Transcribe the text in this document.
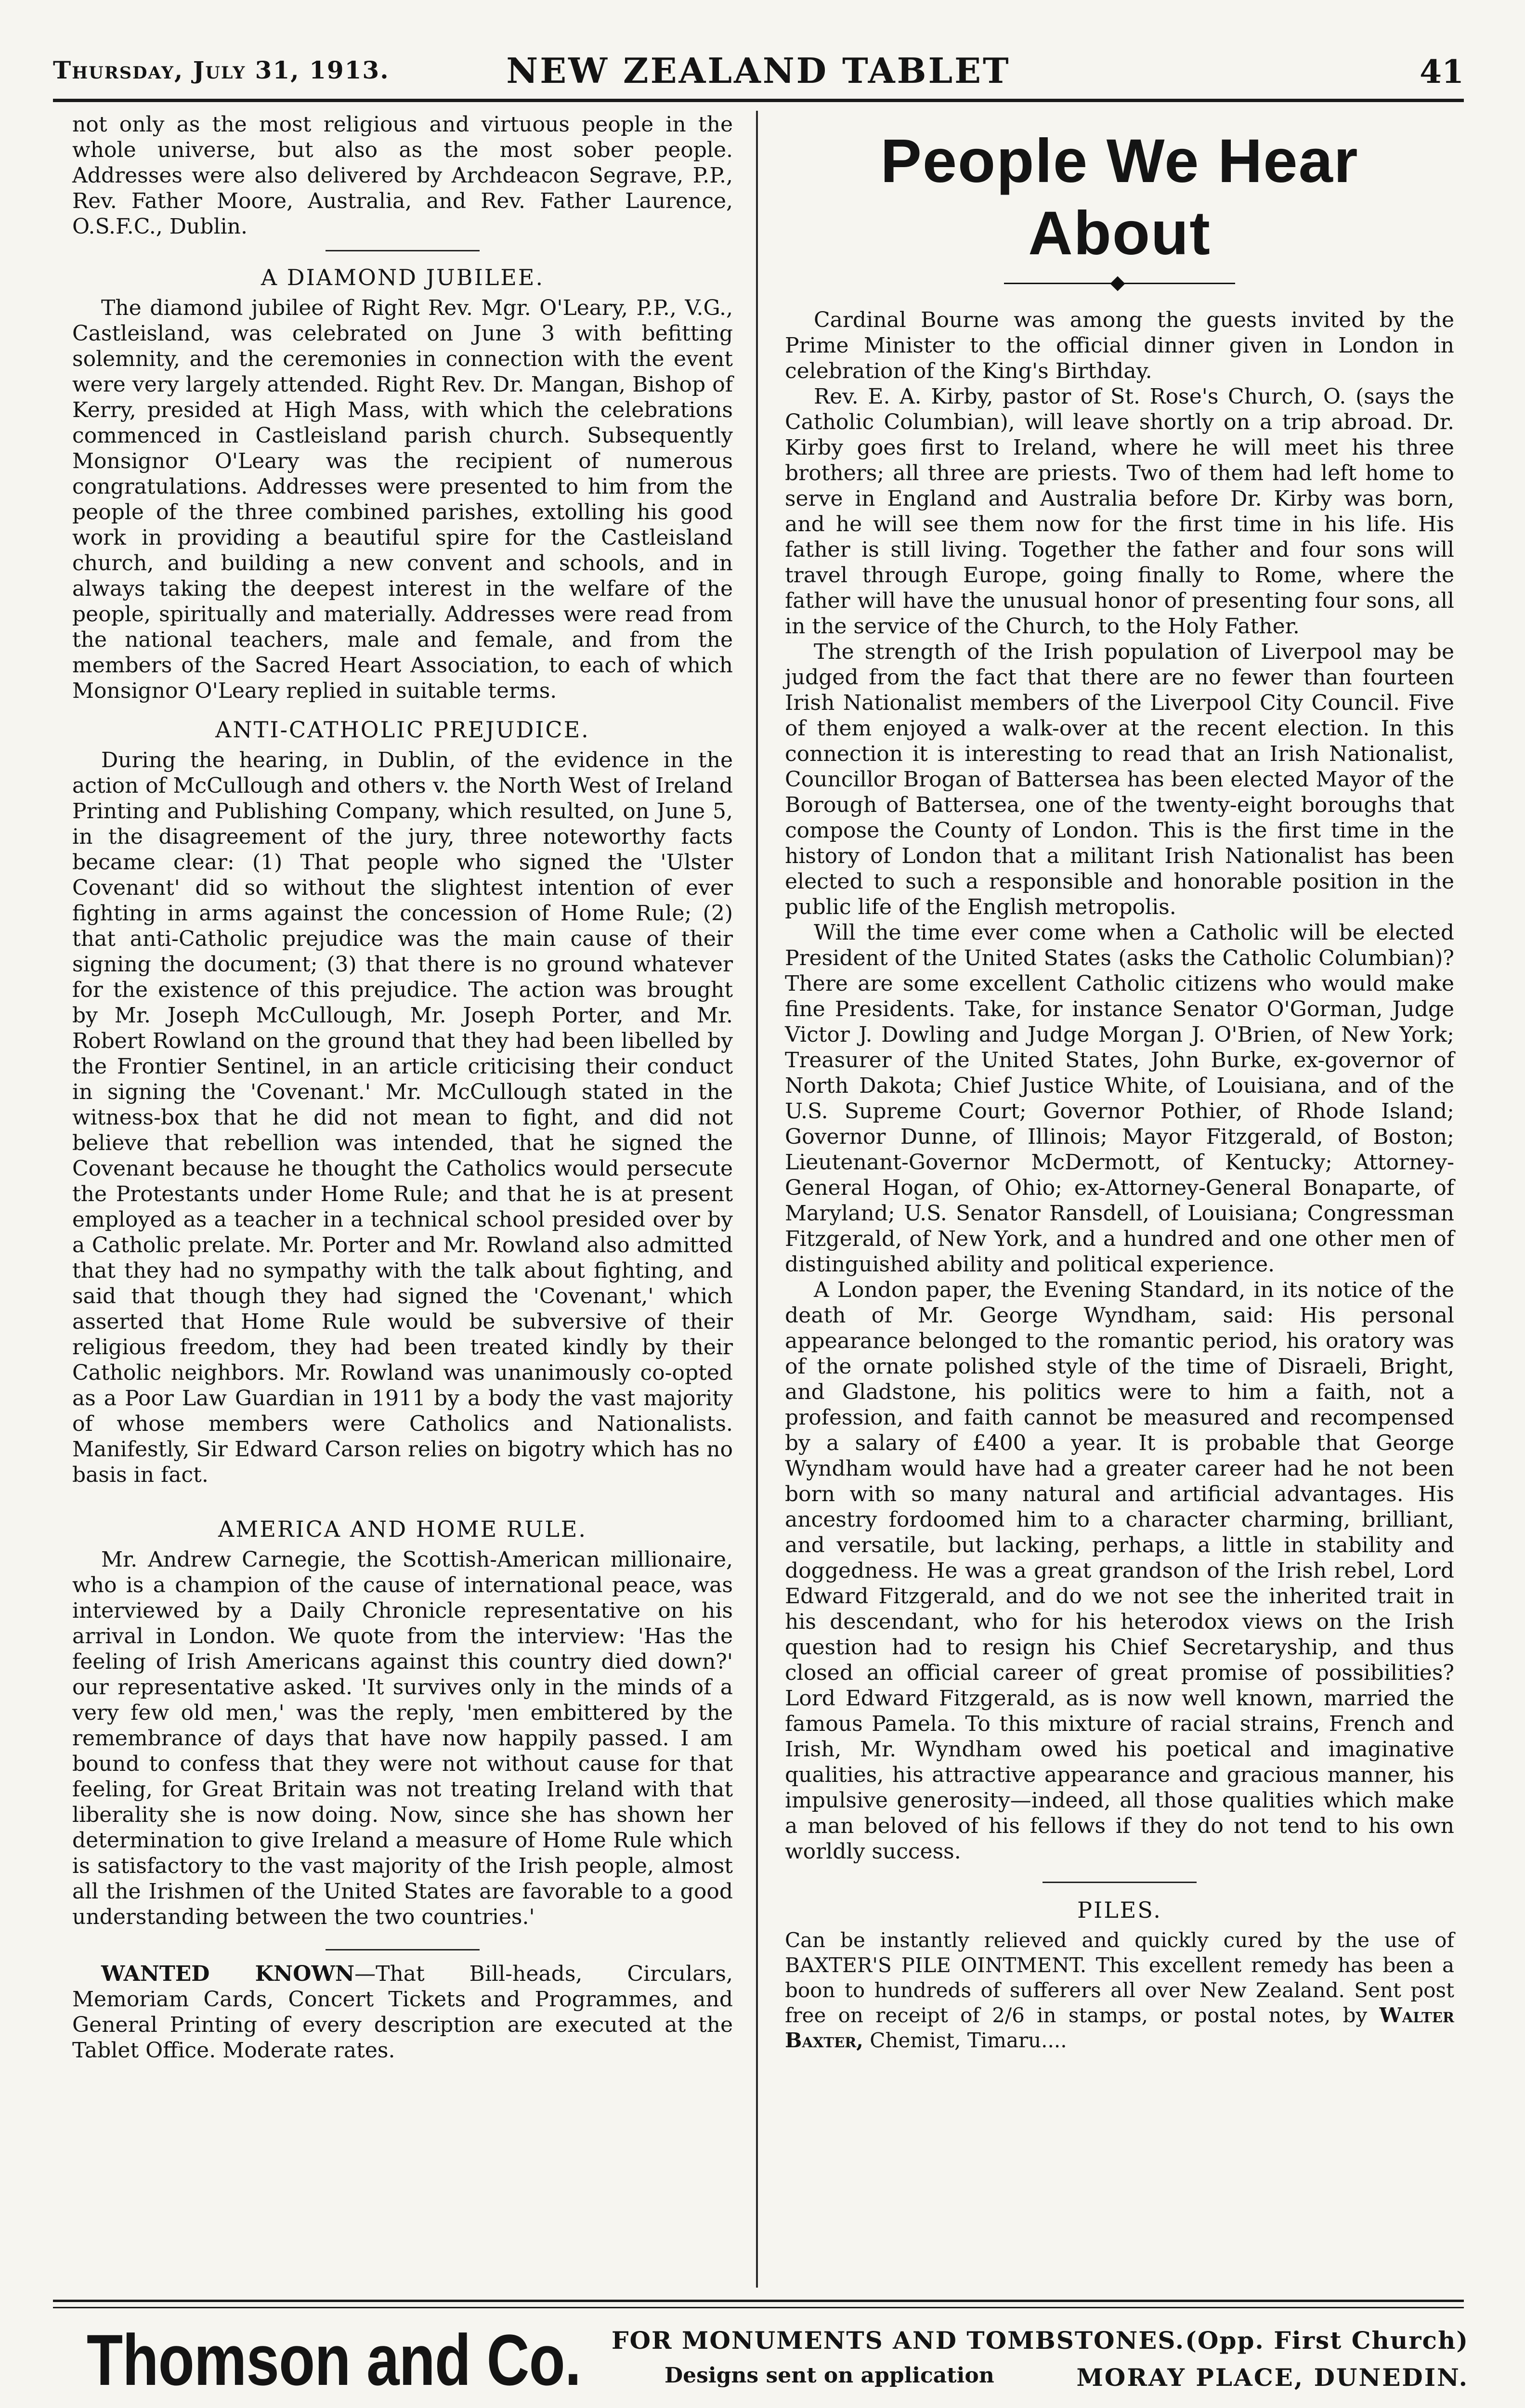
Thursday, July 31, 1913.	NEW ZEALAND TABLET	41

not only as the most religious and virtuous people in the whole universe, but also as the most sober people. Addresses were also delivered by Archdeacon Segrave, P.P., Rev. Father Moore, Australia, and Rev. Father Laurence, O.S.F.C., Dublin.

A DIAMOND JUBILEE.

The diamond jubilee of Right Rev. Mgr. O'Leary, P.P., V.G., Castleisland, was celebrated on June 3 with befitting solemnity, and the ceremonies in connection with the event were very largely attended. Right Rev. Dr. Mangan, Bishop of Kerry, presided at High Mass, with which the celebrations commenced in Castleisland parish church. Subsequently Monsignor O'Leary was the recipient of numerous congratulations. Addresses were presented to him from the people of the three combined parishes, extolling his good work in providing a beautiful spire for the Castleisland church, and building a new convent and schools, and in always taking the deepest interest in the welfare of the people, spiritually and materially. Addresses were read from the national teachers, male and female, and from the members of the Sacred Heart Association, to each of which Monsignor O'Leary replied in suitable terms.

ANTI-CATHOLIC PREJUDICE.

During the hearing, in Dublin, of the evidence in the action of McCullough and others v. the North West of Ireland Printing and Publishing Company, which resulted, on June 5, in the disagreement of the jury, three noteworthy facts became clear: (1) That people who signed the 'Ulster Covenant' did so without the slightest intention of ever fighting in arms against the concession of Home Rule; (2) that anti-Catholic prejudice was the main cause of their signing the document; (3) that there is no ground whatever for the existence of this prejudice. The action was brought by Mr. Joseph McCullough, Mr. Joseph Porter, and Mr. Robert Rowland on the ground that they had been libelled by the Frontier Sentinel, in an article criticising their conduct in signing the 'Covenant.' Mr. McCullough stated in the witness-box that he did not mean to fight, and did not believe that rebellion was intended, that he signed the Covenant because he thought the Catholics would persecute the Protestants under Home Rule; and that he is at present employed as a teacher in a technical school presided over by a Catholic prelate. Mr. Porter and Mr. Rowland also admitted that they had no sympathy with the talk about fighting, and said that though they had signed the 'Covenant,' which asserted that Home Rule would be subversive of their religious freedom, they had been treated kindly by their Catholic neighbors. Mr. Rowland was unanimously co-opted as a Poor Law Guardian in 1911 by a body the vast majority of whose members were Catholics and Nationalists. Manifestly, Sir Edward Carson relies on bigotry which has no basis in fact.

AMERICA AND HOME RULE.

Mr. Andrew Carnegie, the Scottish-American millionaire, who is a champion of the cause of international peace, was interviewed by a Daily Chronicle representative on his arrival in London. We quote from the interview: 'Has the feeling of Irish Americans against this country died down?' our representative asked. 'It survives only in the minds of a very few old men,' was the reply, 'men embittered by the remembrance of days that have now happily passed. I am bound to confess that they were not without cause for that feeling, for Great Britain was not treating Ireland with that liberality she is now doing. Now, since she has shown her determination to give Ireland a measure of Home Rule which is satisfactory to the vast majority of the Irish people, almost all the Irishmen of the United States are favorable to a good understanding between the two countries.'

WANTED KNOWN—That Bill-heads, Circulars, Memoriam Cards, Concert Tickets and Programmes, and General Printing of every description are executed at the Tablet Office. Moderate rates.

People We Hear About

Cardinal Bourne was among the guests invited by the Prime Minister to the official dinner given in London in celebration of the King's Birthday.

Rev. E. A. Kirby, pastor of St. Rose's Church, O. (says the Catholic Columbian), will leave shortly on a trip abroad. Dr. Kirby goes first to Ireland, where he will meet his three brothers; all three are priests. Two of them had left home to serve in England and Australia before Dr. Kirby was born, and he will see them now for the first time in his life. His father is still living. Together the father and four sons will travel through Europe, going finally to Rome, where the father will have the unusual honor of presenting four sons, all in the service of the Church, to the Holy Father.

The strength of the Irish population of Liverpool may be judged from the fact that there are no fewer than fourteen Irish Nationalist members of the Liverpool City Council. Five of them enjoyed a walk-over at the recent election. In this connection it is interesting to read that an Irish Nationalist, Councillor Brogan of Battersea has been elected Mayor of the Borough of Battersea, one of the twenty-eight boroughs that compose the County of London. This is the first time in the history of London that a militant Irish Nationalist has been elected to such a responsible and honorable position in the public life of the English metropolis.

Will the time ever come when a Catholic will be elected President of the United States (asks the Catholic Columbian)? There are some excellent Catholic citizens who would make fine Presidents. Take, for instance Senator O'Gorman, Judge Victor J. Dowling and Judge Morgan J. O'Brien, of New York; Treasurer of the United States, John Burke, ex-governor of North Dakota; Chief Justice White, of Louisiana, and of the U.S. Supreme Court; Governor Pothier, of Rhode Island; Governor Dunne, of Illinois; Mayor Fitzgerald, of Boston; Lieutenant-Governor McDermott, of Kentucky; Attorney-General Hogan, of Ohio; ex-Attorney-General Bonaparte, of Maryland; U.S. Senator Ransdell, of Louisiana; Congressman Fitzgerald, of New York, and a hundred and one other men of distinguished ability and political experience.

A London paper, the Evening Standard, in its notice of the death of Mr. George Wyndham, said: His personal appearance belonged to the romantic period, his oratory was of the ornate polished style of the time of Disraeli, Bright, and Gladstone, his politics were to him a faith, not a profession, and faith cannot be measured and recompensed by a salary of £400 a year. It is probable that George Wyndham would have had a greater career had he not been born with so many natural and artificial advantages. His ancestry fordoomed him to a character charming, brilliant, and versatile, but lacking, perhaps, a little in stability and doggedness. He was a great grandson of the Irish rebel, Lord Edward Fitzgerald, and do we not see the inherited trait in his descendant, who for his heterodox views on the Irish question had to resign his Chief Secretaryship, and thus closed an official career of great promise of possibilities? Lord Edward Fitzgerald, as is now well known, married the famous Pamela. To this mixture of racial strains, French and Irish, Mr. Wyndham owed his poetical and imaginative qualities, his attractive appearance and gracious manner, his impulsive generosity—indeed, all those qualities which make a man beloved of his fellows if they do not tend to his own worldly success.

PILES.
Can be instantly relieved and quickly cured by the use of BAXTER'S PILE OINTMENT. This excellent remedy has been a boon to hundreds of sufferers all over New Zealand. Sent post free on receipt of 2/6 in stamps, or postal notes, by Walter Baxter, Chemist, Timaru....
Thomson and Co. FOR MONUMENTS AND TOMBSTONES. (Opp. First Church)
Designs sent on application	MORAY PLACE, DUNEDIN.
